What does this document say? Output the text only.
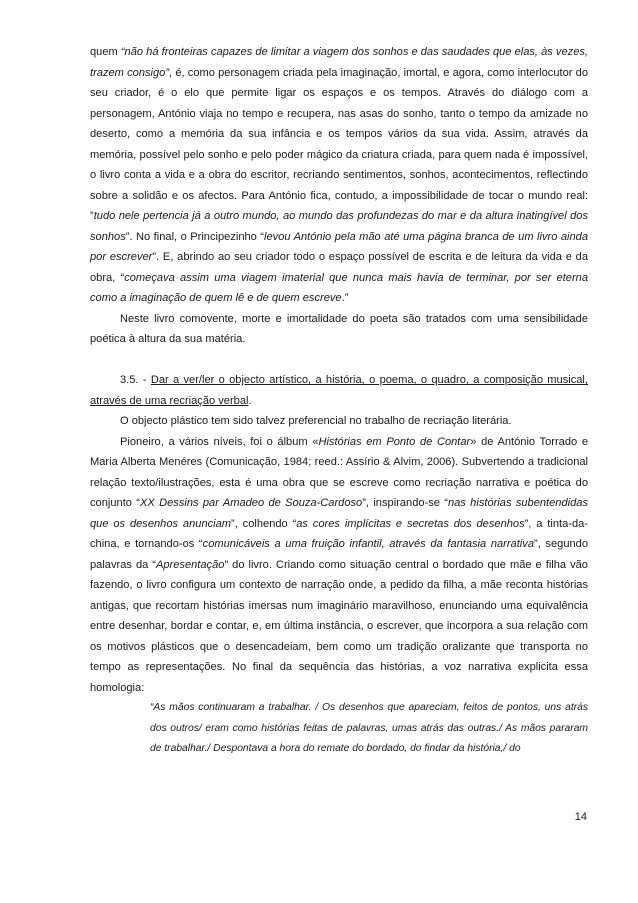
quem “não há fronteiras capazes de limitar a viagem dos sonhos e das saudades que elas, às vezes, trazem consigo”, é, como personagem criada pela imaginação, imortal, e agora, como interlocutor do seu criador, é o elo que permite ligar os espaços e os tempos. Através do diálogo com a personagem, António viaja no tempo e recupera, nas asas do sonho, tanto o tempo da amizade no deserto, como a memória da sua infância e os tempos vários da sua vida. Assim, através da memória, possível pelo sonho e pelo poder mágico da criatura criada, para quem nada é impossível, o livro conta a vida e a obra do escritor, recriando sentimentos, sonhos, acontecimentos, reflectindo sobre a solidão e os afectos. Para António fica, contudo, a impossibilidade de tocar o mundo real: ”tudo nele pertencia já a outro mundo, ao mundo das profundezas do mar e da altura inatingível dos sonhos”. No final, o Principezinho “levou António pela mão até uma página branca de um livro ainda por escrever”. E, abrindo ao seu criador todo o espaço possível de escrita e de leitura da vida e da obra, “começava assim uma viagem imaterial que nunca mais havia de terminar, por ser eterna como a imaginação de quem lê e de quem escreve.”

Neste livro comovente, morte e imortalidade do poeta são tratados com uma sensibilidade poética à altura da sua matéria.

3.5. - Dar a ver/ler o objecto artístico, a história, o poema, o quadro, a composição musical, através de uma recriação verbal.

O objecto plástico tem sido talvez preferencial no trabalho de recriação literária.

Pioneiro, a vários níveis, foi o álbum «Histórias em Ponto de Contar» de António Torrado e Maria Alberta Menéres (Comunicação, 1984; reed.: Assírio & Alvim, 2006). Subvertendo a tradicional relação texto/ilustrações, esta é uma obra que se escreve como recriação narrativa e poética do conjunto “XX Dessins par Amadeo de Souza-Cardoso”, inspirando-se “nas histórias subentendidas que os desenhos anunciam”, colhendo “as cores implícitas e secretas dos desenhos”, a tinta-da-china, e tornando-os “comunicáveis a uma fruição infantil, através da fantasia narrativa”, segundo palavras da “Apresentação” do livro. Criando como situação central o bordado que mãe e filha vão fazendo, o livro configura um contexto de narração onde, a pedido da filha, a mãe reconta histórias antigas, que recortam histórias imersas num imaginário maravilhoso, enunciando uma equivalência entre desenhar, bordar e contar, e, em última instância, o escrever, que incorpora a sua relação com os motivos plásticos que o desencadeiam, bem como um tradição oralizante que transporta no tempo as representações. No final da sequência das histórias, a voz narrativa explicita essa homologia:

“As mãos continuaram a trabalhar. / Os desenhos que apareciam, feitos de pontos, uns atrás dos outros/ eram como histórias feitas de palavras, umas atrás das outras./ As mãos pararam de trabalhar./ Despontava a hora do remate do bordado, do findar da história,/ do

14
